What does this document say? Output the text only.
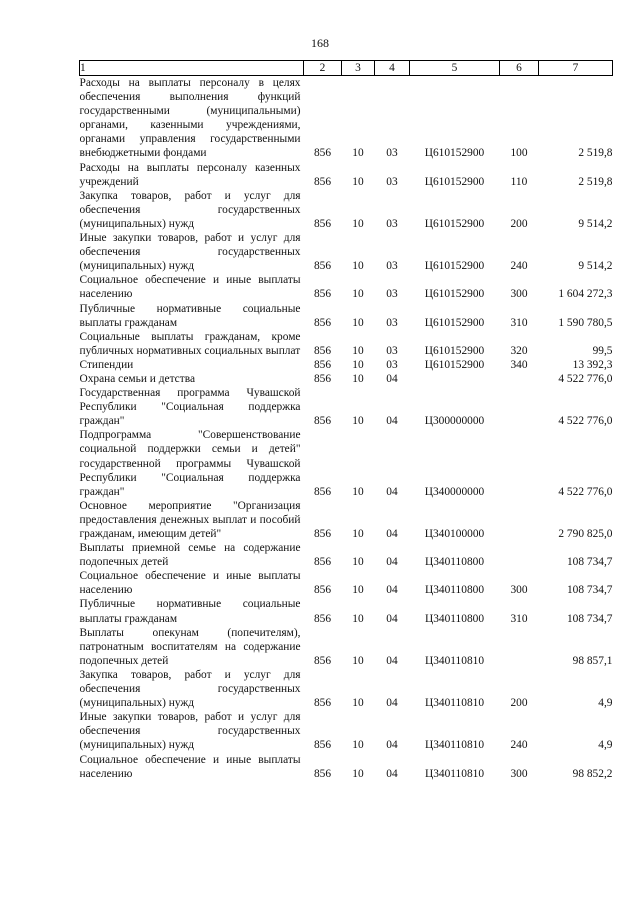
168
1	2	3	4	5	6	7
Расходы на выплаты персоналу в целях обеспечения выполнения функций государственными (муниципальными) органами, казенными учреждениями, органами управления государственными внебюджетными фондами	856	10	03	Ц610152900	100	2 519,8
Расходы на выплаты персоналу казенных учреждений	856	10	03	Ц610152900	110	2 519,8
Закупка товаров, работ и услуг для обеспечения государственных (муниципальных) нужд	856	10	03	Ц610152900	200	9 514,2
Иные закупки товаров, работ и услуг для обеспечения государственных (муниципальных) нужд	856	10	03	Ц610152900	240	9 514,2
Социальное обеспечение и иные выплаты населению	856	10	03	Ц610152900	300	1 604 272,3
Публичные нормативные социальные выплаты гражданам	856	10	03	Ц610152900	310	1 590 780,5
Социальные выплаты гражданам, кроме публичных нормативных социальных выплат	856	10	03	Ц610152900	320	99,5
Стипендии	856	10	03	Ц610152900	340	13 392,3
Охрана семьи и детства	856	10	04			4 522 776,0
Государственная программа Чувашской Республики "Социальная поддержка граждан"	856	10	04	Ц300000000		4 522 776,0
Подпрограмма "Совершенствование социальной поддержки семьи и детей" государственной программы Чувашской Республики "Социальная поддержка граждан"	856	10	04	Ц340000000		4 522 776,0
Основное мероприятие "Организация предоставления денежных выплат и пособий гражданам, имеющим детей"	856	10	04	Ц340100000		2 790 825,0
Выплаты приемной семье на содержание подопечных детей	856	10	04	Ц340110800		108 734,7
Социальное обеспечение и иные выплаты населению	856	10	04	Ц340110800	300	108 734,7
Публичные нормативные социальные выплаты гражданам	856	10	04	Ц340110800	310	108 734,7
Выплаты опекунам (попечителям), патронатным воспитателям на содержание подопечных детей	856	10	04	Ц340110810		98 857,1
Закупка товаров, работ и услуг для обеспечения государственных (муниципальных) нужд	856	10	04	Ц340110810	200	4,9
Иные закупки товаров, работ и услуг для обеспечения государственных (муниципальных) нужд	856	10	04	Ц340110810	240	4,9
Социальное обеспечение и иные выплаты населению	856	10	04	Ц340110810	300	98 852,2
